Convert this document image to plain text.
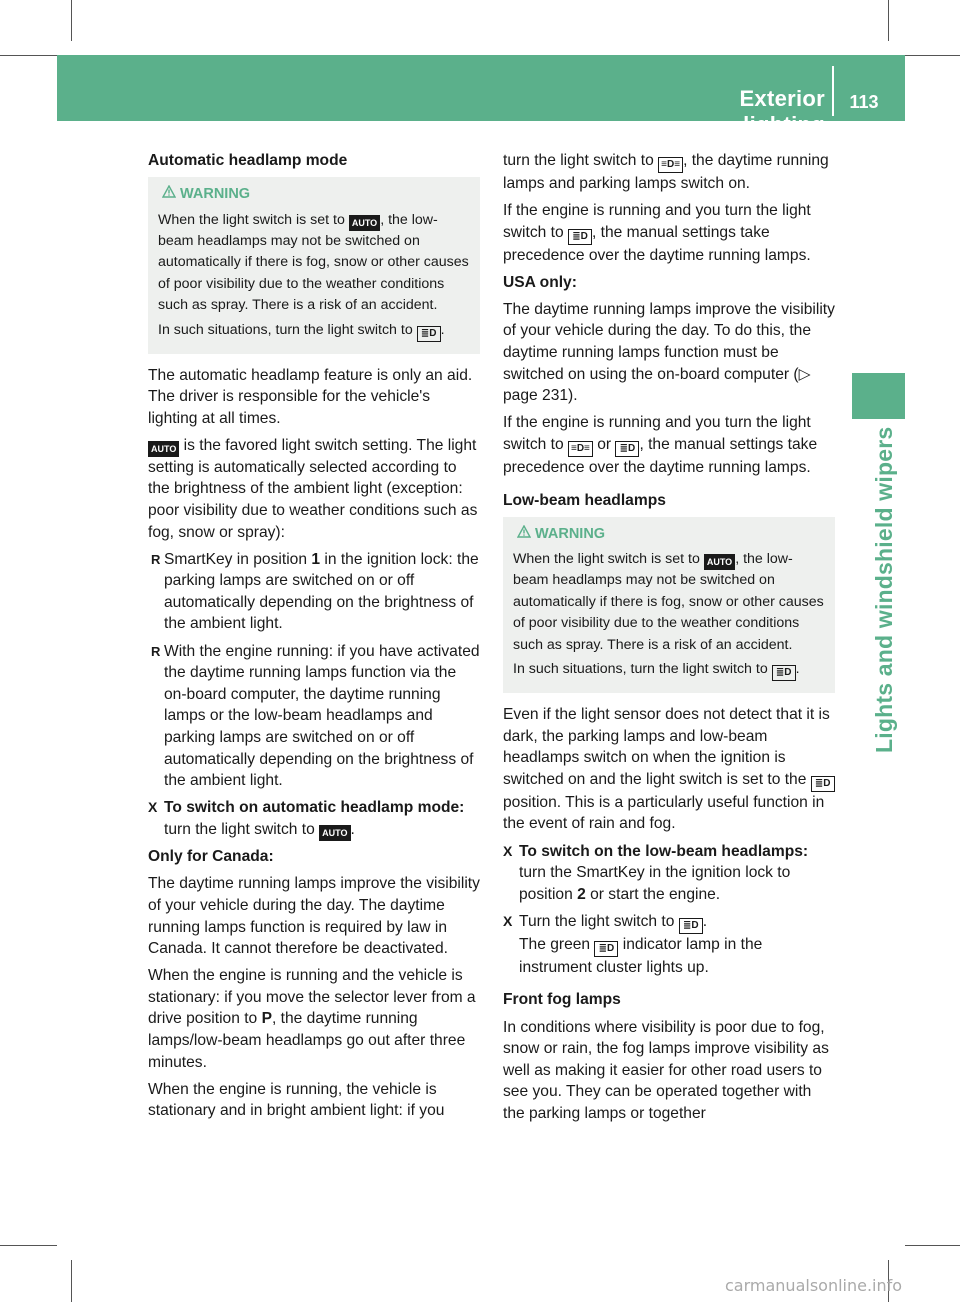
Exterior lighting
113
Lights and windshield wipers

Automatic headlamp mode

WARNING

When the light switch is set to AUTO , the low-beam headlamps may not be switched on automatically if there is fog, snow or other causes of poor visibility due to the weather conditions such as spray. There is a risk of an accident.

In such situations, turn the light switch to ≣D .

The automatic headlamp feature is only an aid. The driver is responsible for the vehicle's lighting at all times.

AUTO is the favored light switch setting. The light setting is automatically selected according to the brightness of the ambient light (exception: poor visibility due to weather conditions such as fog, snow or spray):

R SmartKey in position 1 in the ignition lock: the parking lamps are switched on or off automatically depending on the brightness of the ambient light.
R With the engine running: if you have activated the daytime running lamps function via the on-board computer, the daytime running lamps or the low-beam headlamps and parking lamps are switched on or off automatically depending on the brightness of the ambient light.
X To switch on automatic headlamp mode: turn the light switch to AUTO .

Only for Canada:

The daytime running lamps improve the visibility of your vehicle during the day. The daytime running lamps function is required by law in Canada. It cannot therefore be deactivated.

When the engine is running and the vehicle is stationary: if you move the selector lever from a drive position to P, the daytime running lamps/low-beam headlamps go out after three minutes.

When the engine is running, the vehicle is stationary and in bright ambient light: if you

turn the light switch to ≡D≡ , the daytime running lamps and parking lamps switch on.

If the engine is running and you turn the light switch to ≣D , the manual settings take precedence over the daytime running lamps.

USA only:

The daytime running lamps improve the visibility of your vehicle during the day. To do this, the daytime running lamps function must be switched on using the on-board computer (▷ page 231).

If the engine is running and you turn the light switch to ≡D≡ or ≣D , the manual settings take precedence over the daytime running lamps.

Low-beam headlamps

WARNING

When the light switch is set to AUTO , the low-beam headlamps may not be switched on automatically if there is fog, snow or other causes of poor visibility due to the weather conditions such as spray. There is a risk of an accident.

In such situations, turn the light switch to ≣D .

Even if the light sensor does not detect that it is dark, the parking lamps and low-beam headlamps switch on when the ignition is switched on and the light switch is set to the ≣D position. This is a particularly useful function in the event of rain and fog.

X To switch on the low-beam headlamps: turn the SmartKey in the ignition lock to position 2 or start the engine.
X Turn the light switch to ≣D .
The green ≣D indicator lamp in the instrument cluster lights up.

Front fog lamps

In conditions where visibility is poor due to fog, snow or rain, the fog lamps improve visibility as well as making it easier for other road users to see you. They can be operated together with the parking lamps or together

carmanualsonline.info
